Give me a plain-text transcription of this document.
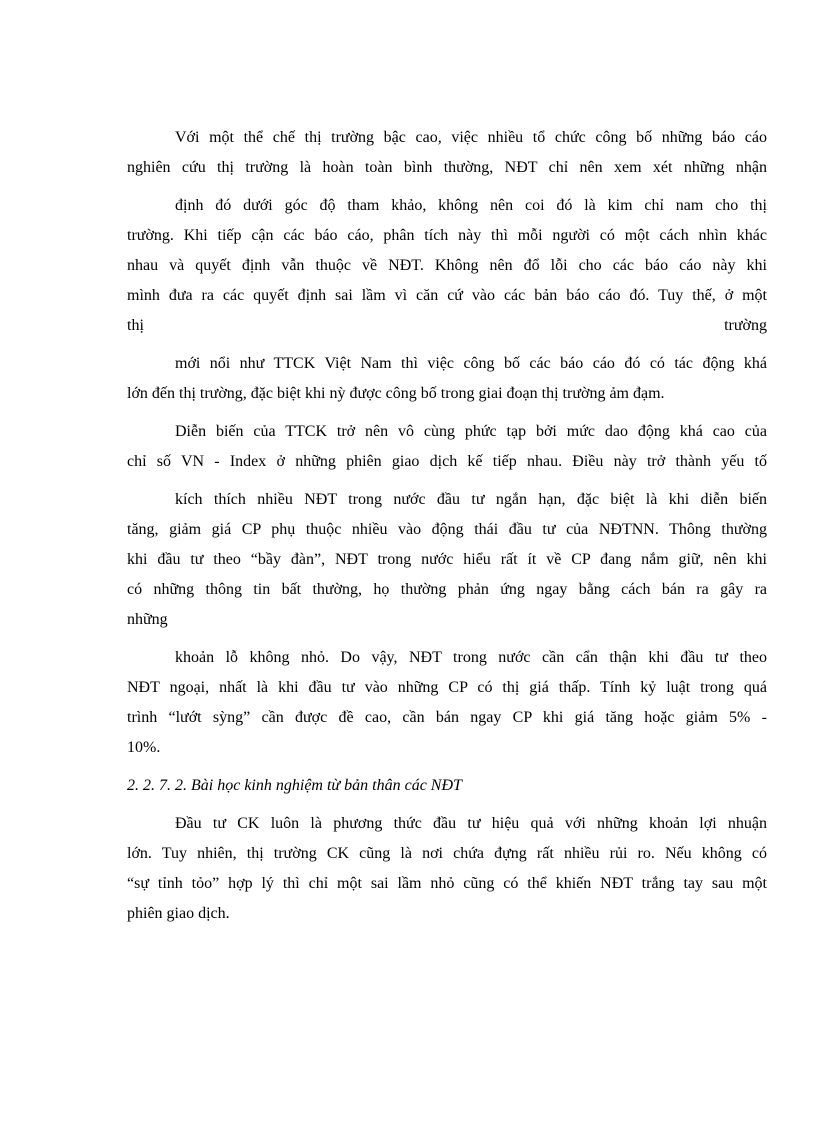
Với một thể chế thị trường bậc cao, việc nhiều tổ chức công bố những báo cáo
nghiên cứu thị trường là hoàn toàn bình thường, NĐT chỉ nên xem xét những nhận
định đó dưới góc độ tham khảo, không nên coi đó là kim chỉ nam cho thị
trường. Khi tiếp cận các báo cáo, phân tích này thì mỗi người có một cách nhìn khác
nhau và quyết định vẫn thuộc về NĐT. Không nên đổ lỗi cho các báo cáo này khi
mình đưa ra các quyết định sai lầm vì căn cứ vào các bản báo cáo đó. Tuy thế, ở một
thị	trường
mới nổi như TTCK Việt Nam thì việc công bố các báo cáo đó có tác động khá
lớn đến thị trường, đặc biệt khi nỳ được công bố trong giai đoạn thị trường ảm đạm.
Diễn biến của TTCK trở nên vô cùng phức tạp bởi mức dao động khá cao của
chỉ số VN - Index ở những phiên giao dịch kế tiếp nhau. Điều này trở thành yếu tố
kích thích nhiều NĐT trong nước đầu tư ngắn hạn, đặc biệt là khi diễn biến
tăng, giảm giá CP phụ thuộc nhiều vào động thái đầu tư của NĐTNN. Thông thường
khi đầu tư theo “bầy đàn”, NĐT trong nước hiểu rất ít về CP đang nắm giữ, nên khi
có những thông tin bất thường, họ thường phản ứng ngay bằng cách bán ra gây ra
những
khoản lỗ không nhỏ. Do vậy, NĐT trong nước cần cẩn thận khi đầu tư theo
NĐT ngoại, nhất là khi đầu tư vào những CP có thị giá thấp. Tính kỷ luật trong quá
trình “lướt sỳng” cần được đề cao, cần bán ngay CP khi giá tăng hoặc giảm 5% -
10%.
2. 2. 7. 2. Bài học kinh nghiệm từ bản thân các NĐT
Đầu tư CK luôn là phương thức đầu tư hiệu quả với những khoản lợi nhuận
lớn. Tuy nhiên, thị trường CK cũng là nơi chứa đựng rất nhiều rủi ro. Nếu không có
“sự tỉnh tỏo” hợp lý thì chỉ một sai lầm nhỏ cũng có thể khiến NĐT trắng tay sau một
phiên giao dịch.
